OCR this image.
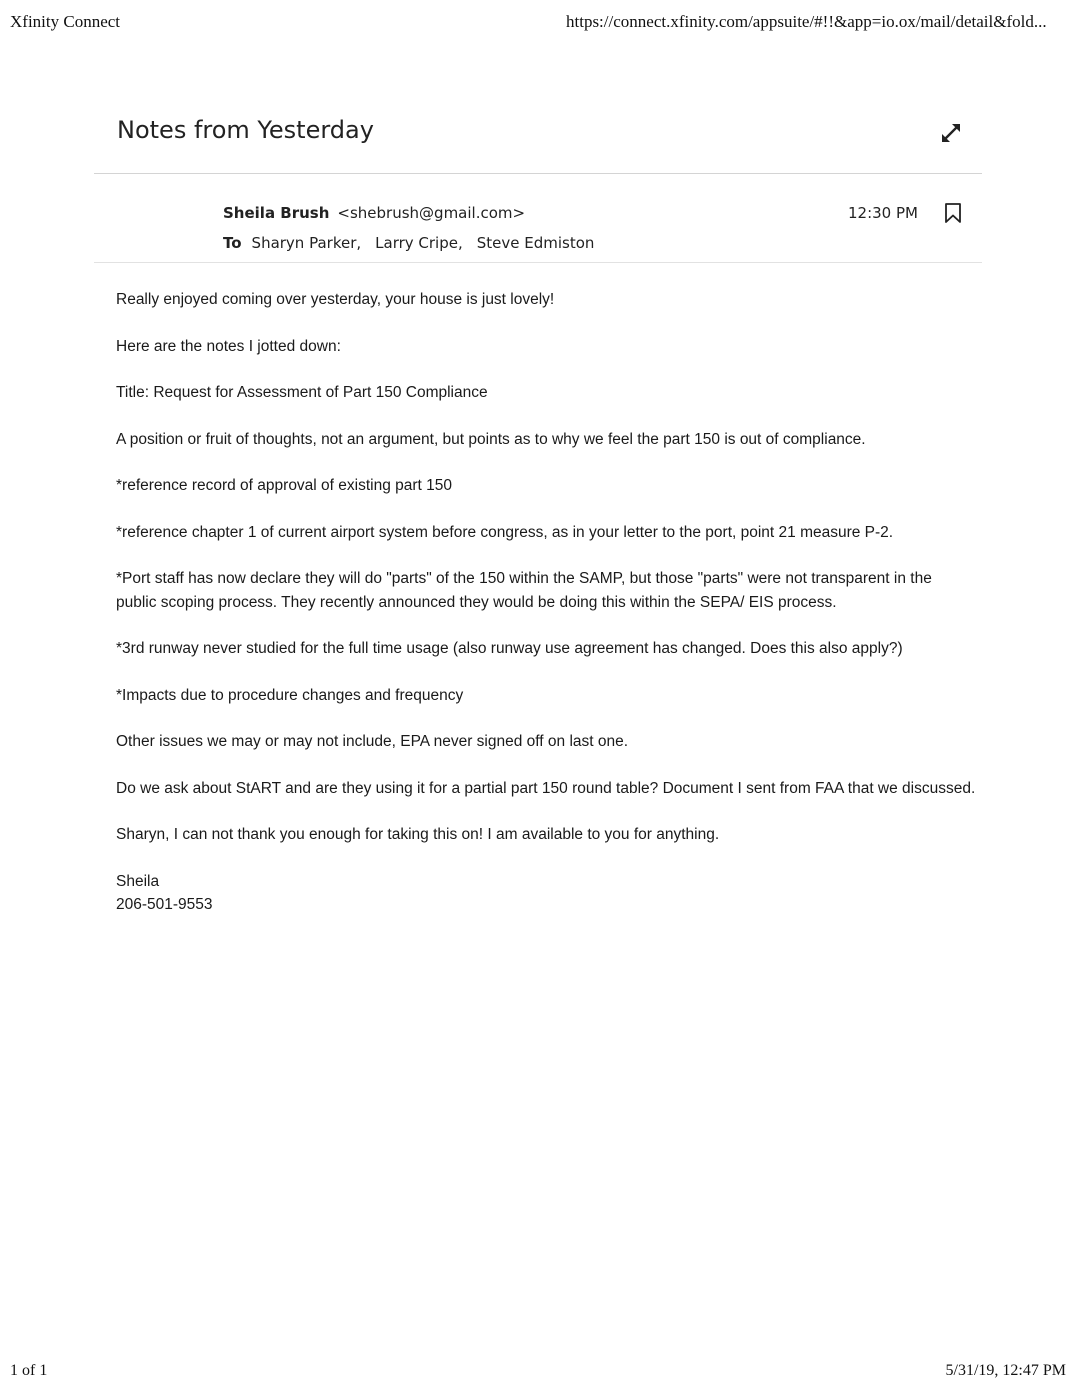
Xfinity Connect	https://connect.xfinity.com/appsuite/#!!&app=io.ox/mail/detail&fold...
Notes from Yesterday
Sheila Brush <shebrush@gmail.com>	12:30 PM
To Sharyn Parker, Larry Cripe, Steve Edmiston

Really enjoyed coming over yesterday, your house is just lovely!

Here are the notes I jotted down:

Title: Request for Assessment of Part 150 Compliance

A position or fruit of thoughts, not an argument, but points as to why we feel the part 150 is out of compliance.

*reference record of approval of existing part 150

*reference chapter 1 of current airport system before congress, as in your letter to the port, point 21 measure P-2.

*Port staff has now declare they will do "parts" of the 150 within the SAMP, but those "parts" were not transparent in the public scoping process. They recently announced they would be doing this within the SEPA/ EIS process.

*3rd runway never studied for the full time usage (also runway use agreement has changed. Does this also apply?)

*Impacts due to procedure changes and frequency

Other issues we may or may not include, EPA never signed off on last one.

Do we ask about StART and are they using it for a partial part 150 round table? Document I sent from FAA that we discussed.

Sharyn, I can not thank you enough for taking this on! I am available to you for anything.

Sheila
206-501-9553
1 of 1	5/31/19, 12:47 PM
